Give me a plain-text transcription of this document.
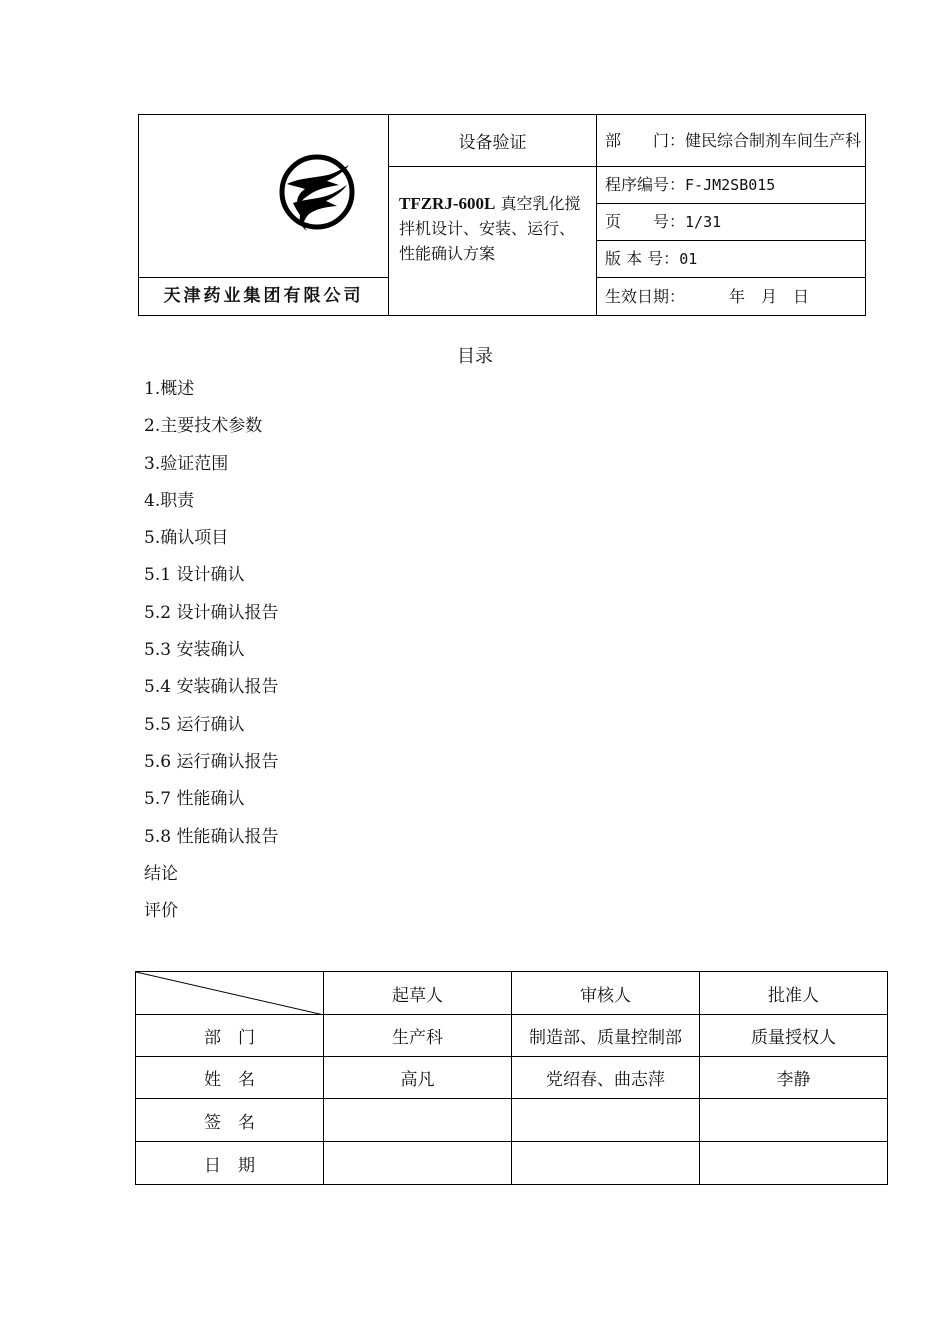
天津药业集团有限公司	设备验证	部　　门： 健民综合制剂车间生产科

	TFZRJ-600L 真空乳化搅拌机设计、安装、运行、性能确认方案	程序编号：F-JM2SB015
		页　　号：1/31
		版 本 号：01
		生效日期： 年　月　日
目录
1.概述
2.主要技术参数
3.验证范围
4.职责
5.确认项目
5.1 设计确认
5.2 设计确认报告
5.3 安装确认
5.4 安装确认报告
5.5 运行确认
5.6 运行确认报告
5.7 性能确认
5.8 性能确认报告
结论
评价
	起草人	审核人	批准人
部　门	生产科	制造部、质量控制部	质量授权人
姓　名	高凡	党绍春、曲志萍	李静
签　名			
日　期			
